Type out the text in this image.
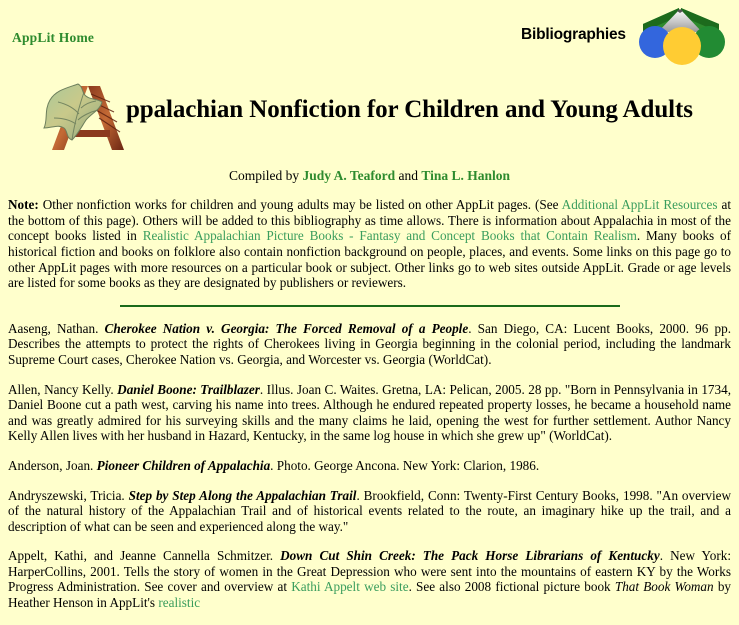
AppLit Home	Bibliographies
ppalachian Nonfiction for Children and Young Adults
Compiled by Judy A. Teaford and Tina L. Hanlon

Note: Other nonfiction works for children and young adults may be listed on other AppLit pages. (See Additional AppLit Resources at the bottom of this page). Others will be added to this bibliography as time allows. There is information about Appalachia in most of the concept books listed in Realistic Appalachian Picture Books - Fantasy and Concept Books that Contain Realism. Many books of historical fiction and books on folklore also contain nonfiction background on people, places, and events. Some links on this page go to other AppLit pages with more resources on a particular book or subject. Other links go to web sites outside AppLit. Grade or age levels are listed for some books as they are designated by publishers or reviewers.

Aaseng, Nathan. Cherokee Nation v. Georgia: The Forced Removal of a People. San Diego, CA: Lucent Books, 2000. 96 pp. Describes the attempts to protect the rights of Cherokees living in Georgia beginning in the colonial period, including the landmark Supreme Court cases, Cherokee Nation vs. Georgia, and Worcester vs. Georgia (WorldCat).

Allen, Nancy Kelly. Daniel Boone: Trailblazer. Illus. Joan C. Waites. Gretna, LA: Pelican, 2005. 28 pp. "Born in Pennsylvania in 1734, Daniel Boone cut a path west, carving his name into trees. Although he endured repeated property losses, he became a household name and was greatly admired for his surveying skills and the many claims he laid, opening the west for further settlement. Author Nancy Kelly Allen lives with her husband in Hazard, Kentucky, in the same log house in which she grew up" (WorldCat).

Anderson, Joan. Pioneer Children of Appalachia. Photo. George Ancona. New York: Clarion, 1986.

Andryszewski, Tricia. Step by Step Along the Appalachian Trail. Brookfield, Conn: Twenty-First Century Books, 1998. "An overview of the natural history of the Appalachian Trail and of historical events related to the route, an imaginary hike up the trail, and a description of what can be seen and experienced along the way."

Appelt, Kathi, and Jeanne Cannella Schmitzer. Down Cut Shin Creek: The Pack Horse Librarians of Kentucky. New York: HarperCollins, 2001. Tells the story of women in the Great Depression who were sent into the mountains of eastern KY by the Works Progress Administration. See cover and overview at Kathi Appelt web site. See also 2008 fictional picture book That Book Woman by Heather Henson in AppLit's realistic
